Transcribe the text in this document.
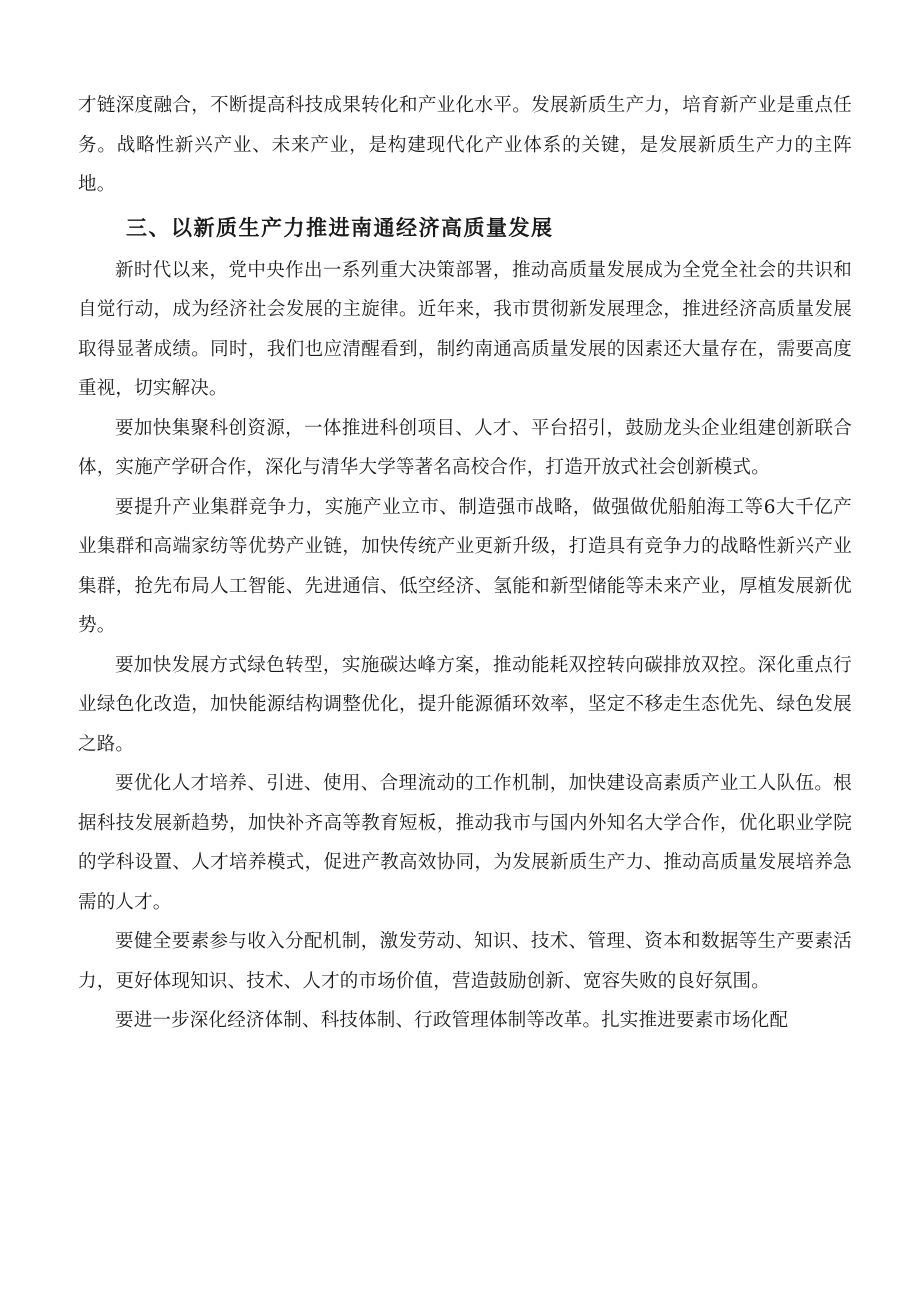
才链深度融合，不断提高科技成果转化和产业化水平。发展新质生产力，培育新产业是重点任务。战略性新兴产业、未来产业，是构建现代化产业体系的关键，是发展新质生产力的主阵地。

三、以新质生产力推进南通经济高质量发展

新时代以来，党中央作出一系列重大决策部署，推动高质量发展成为全党全社会的共识和自觉行动，成为经济社会发展的主旋律。近年来，我市贯彻新发展理念，推进经济高质量发展取得显著成绩。同时，我们也应清醒看到，制约南通高质量发展的因素还大量存在，需要高度重视，切实解决。

要加快集聚科创资源，一体推进科创项目、人才、平台招引，鼓励龙头企业组建创新联合体，实施产学研合作，深化与清华大学等著名高校合作，打造开放式社会创新模式。

要提升产业集群竞争力，实施产业立市、制造强市战略，做强做优船舶海工等6大千亿产业集群和高端家纺等优势产业链，加快传统产业更新升级，打造具有竞争力的战略性新兴产业集群，抢先布局人工智能、先进通信、低空经济、氢能和新型储能等未来产业，厚植发展新优势。

要加快发展方式绿色转型，实施碳达峰方案，推动能耗双控转向碳排放双控。深化重点行业绿色化改造，加快能源结构调整优化，提升能源循环效率，坚定不移走生态优先、绿色发展之路。

要优化人才培养、引进、使用、合理流动的工作机制，加快建设高素质产业工人队伍。根据科技发展新趋势，加快补齐高等教育短板，推动我市与国内外知名大学合作，优化职业学院的学科设置、人才培养模式，促进产教高效协同，为发展新质生产力、推动高质量发展培养急需的人才。

要健全要素参与收入分配机制，激发劳动、知识、技术、管理、资本和数据等生产要素活力，更好体现知识、技术、人才的市场价值，营造鼓励创新、宽容失败的良好氛围。

要进一步深化经济体制、科技体制、行政管理体制等改革。扎实推进要素市场化配
